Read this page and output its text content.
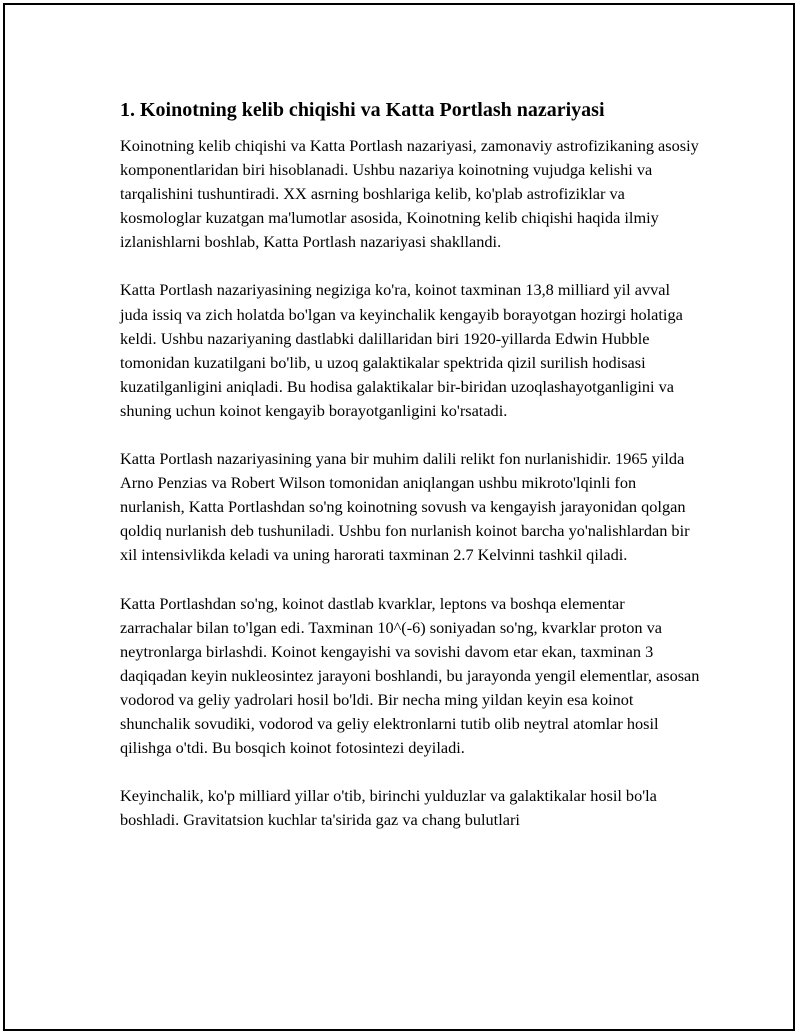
1. Koinotning kelib chiqishi va Katta Portlash nazariyasi

Koinotning kelib chiqishi va Katta Portlash nazariyasi, zamonaviy astrofizikaning asosiy komponentlaridan biri hisoblanadi. Ushbu nazariya koinotning vujudga kelishi va tarqalishini tushuntiradi. XX asrning boshlariga kelib, ko'plab astrofiziklar va kosmologlar kuzatgan ma'lumotlar asosida, Koinotning kelib chiqishi haqida ilmiy izlanishlarni boshlab, Katta Portlash nazariyasi shakllandi.

Katta Portlash nazariyasining negiziga ko'ra, koinot taxminan 13,8 milliard yil avval juda issiq va zich holatda bo'lgan va keyinchalik kengayib borayotgan hozirgi holatiga keldi. Ushbu nazariyaning dastlabki dalillaridan biri 1920-yillarda Edwin Hubble tomonidan kuzatilgani bo'lib, u uzoq galaktikalar spektrida qizil surilish hodisasi kuzatilganligini aniqladi. Bu hodisa galaktikalar bir-biridan uzoqlashayotganligini va shuning uchun koinot kengayib borayotganligini ko'rsatadi.

Katta Portlash nazariyasining yana bir muhim dalili relikt fon nurlanishidir. 1965 yilda Arno Penzias va Robert Wilson tomonidan aniqlangan ushbu mikroto'lqinli fon nurlanish, Katta Portlashdan so'ng koinotning sovush va kengayish jarayonidan qolgan qoldiq nurlanish deb tushuniladi. Ushbu fon nurlanish koinot barcha yo'nalishlardan bir xil intensivlikda keladi va uning harorati taxminan 2.7 Kelvinni tashkil qiladi.

Katta Portlashdan so'ng, koinot dastlab kvarklar, leptons va boshqa elementar zarrachalar bilan to'lgan edi. Taxminan 10^(-6) soniyadan so'ng, kvarklar proton va neytronlarga birlashdi. Koinot kengayishi va sovishi davom etar ekan, taxminan 3 daqiqadan keyin nukleosintez jarayoni boshlandi, bu jarayonda yengil elementlar, asosan vodorod va geliy yadrolari hosil bo'ldi. Bir necha ming yildan keyin esa koinot shunchalik sovudiki, vodorod va geliy elektronlarni tutib olib neytral atomlar hosil qilishga o'tdi. Bu bosqich koinot fotosintezi deyiladi.

Keyinchalik, ko'p milliard yillar o'tib, birinchi yulduzlar va galaktikalar hosil bo'la boshladi. Gravitatsion kuchlar ta'sirida gaz va chang bulutlari
